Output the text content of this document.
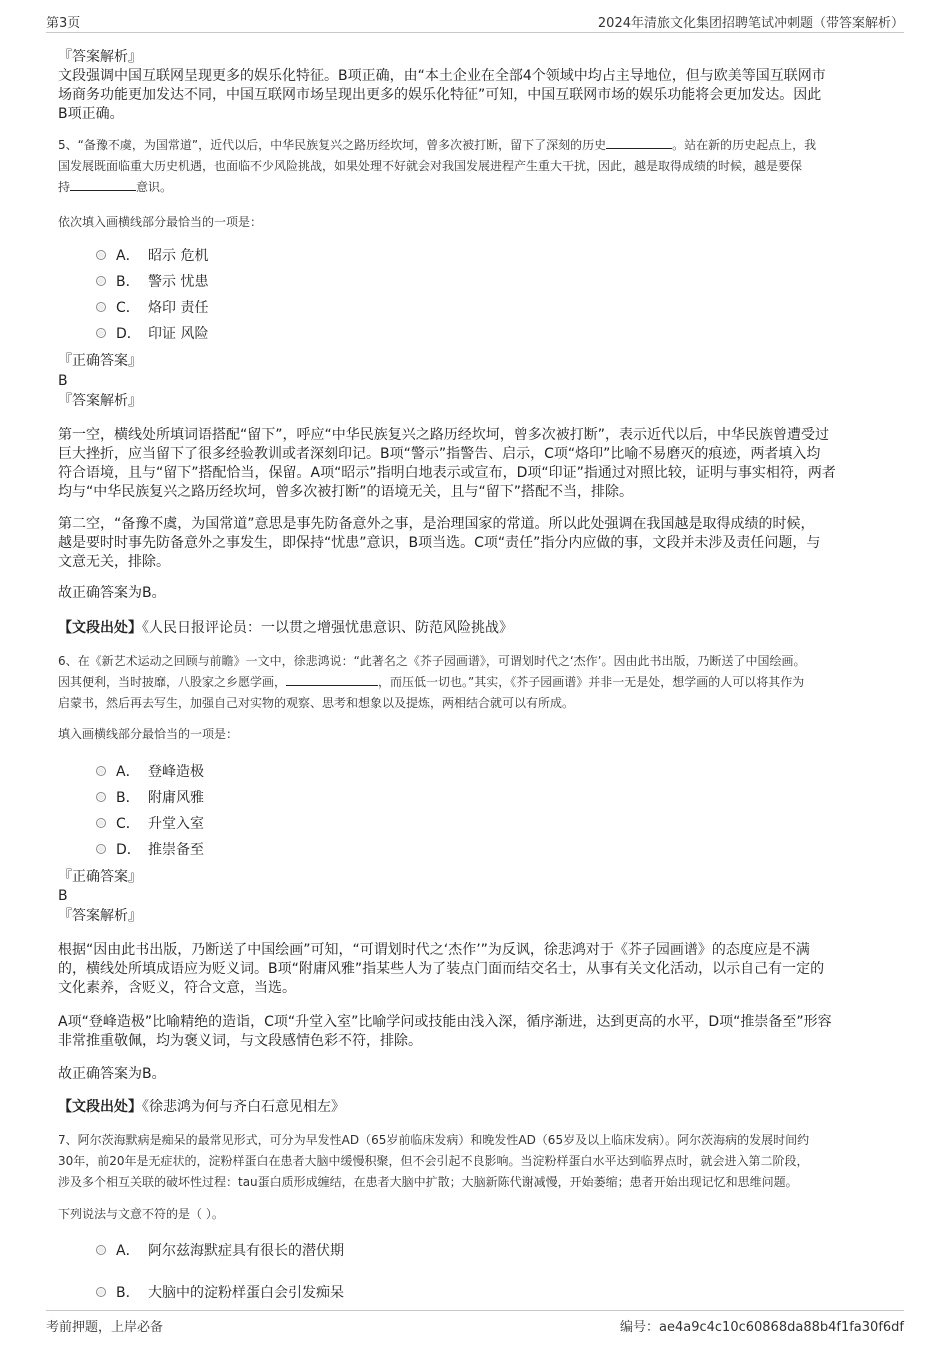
第3页	2024年清旅文化集团招聘笔试冲刺题（带答案解析）
『答案解析』
文段强调中国互联网呈现更多的娱乐化特征。B项正确，由“本土企业在全部4个领域中均占主导地位，但与欧美等国互联网市
场商务功能更加发达不同，中国互联网市场呈现出更多的娱乐化特征”可知，中国互联网市场的娱乐功能将会更加发达。因此
B项正确。
5、“备豫不虞，为国常道”，近代以后，中华民族复兴之路历经坎坷，曾多次被打断，留下了深刻的历史	。站在新的历史起点上，我
国发展既面临重大历史机遇，也面临不少风险挑战，如果处理不好就会对我国发展进程产生重大干扰，因此，越是取得成绩的时候，越是要保
持	意识。
依次填入画横线部分最恰当的一项是：
A． 昭示 危机
B． 警示 忧患
C． 烙印 责任
D． 印证 风险
『正确答案』
B
『答案解析』
第一空，横线处所填词语搭配“留下”，呼应“中华民族复兴之路历经坎坷，曾多次被打断”，表示近代以后，中华民族曾遭受过
巨大挫折，应当留下了很多经验教训或者深刻印记。B项“警示”指警告、启示，C项“烙印”比喻不易磨灭的痕迹，两者填入均
符合语境，且与“留下”搭配恰当，保留。A项“昭示”指明白地表示或宣布，D项“印证”指通过对照比较，证明与事实相符，两者
均与“中华民族复兴之路历经坎坷，曾多次被打断”的语境无关，且与“留下”搭配不当，排除。
第二空，“备豫不虞，为国常道”意思是事先防备意外之事，是治理国家的常道。所以此处强调在我国越是取得成绩的时候，
越是要时时事先防备意外之事发生，即保持“忧患”意识，B项当选。C项“责任”指分内应做的事，文段并未涉及责任问题，与
文意无关，排除。
故正确答案为B。
【文段出处】《人民日报评论员：一以贯之增强忧患意识、防范风险挑战》
6、在《新艺术运动之回顾与前瞻》一文中，徐悲鸿说：“此著名之《芥子园画谱》，可谓划时代之‘杰作’。因由此书出版，乃断送了中国绘画。
因其便利，当时披靡，八股家之乡愿学画，	，而压低一切也。”其实，《芥子园画谱》并非一无是处，想学画的人可以将其作为
启蒙书，然后再去写生，加强自己对实物的观察、思考和想象以及提炼，两相结合就可以有所成。
填入画横线部分最恰当的一项是：
A． 登峰造极
B． 附庸风雅
C． 升堂入室
D． 推崇备至
『正确答案』
B
『答案解析』
根据“因由此书出版，乃断送了中国绘画”可知，“可谓划时代之‘杰作’”为反讽，徐悲鸿对于《芥子园画谱》的态度应是不满
的，横线处所填成语应为贬义词。B项“附庸风雅”指某些人为了装点门面而结交名士，从事有关文化活动，以示自己有一定的
文化素养，含贬义，符合文意，当选。
A项“登峰造极”比喻精绝的造诣，C项“升堂入室”比喻学问或技能由浅入深，循序渐进，达到更高的水平，D项“推崇备至”形容
非常推重敬佩，均为褒义词，与文段感情色彩不符，排除。
故正确答案为B。
【文段出处】《徐悲鸿为何与齐白石意见相左》
7、阿尔茨海默病是痴呆的最常见形式，可分为早发性AD（65岁前临床发病）和晚发性AD（65岁及以上临床发病）。阿尔茨海病的发展时间约
30年，前20年是无症状的，淀粉样蛋白在患者大脑中缓慢积聚，但不会引起不良影响。当淀粉样蛋白水平达到临界点时，就会进入第二阶段，
涉及多个相互关联的破坏性过程：tau蛋白质形成缠结，在患者大脑中扩散；大脑新陈代谢减慢，开始萎缩；患者开始出现记忆和思维问题。
下列说法与文意不符的是（ ）。
A． 阿尔兹海默症具有很长的潜伏期
B． 大脑中的淀粉样蛋白会引发痴呆
考前押题，上岸必备	编号：ae4a9c4c10c60868da88b4f1fa30f6df
